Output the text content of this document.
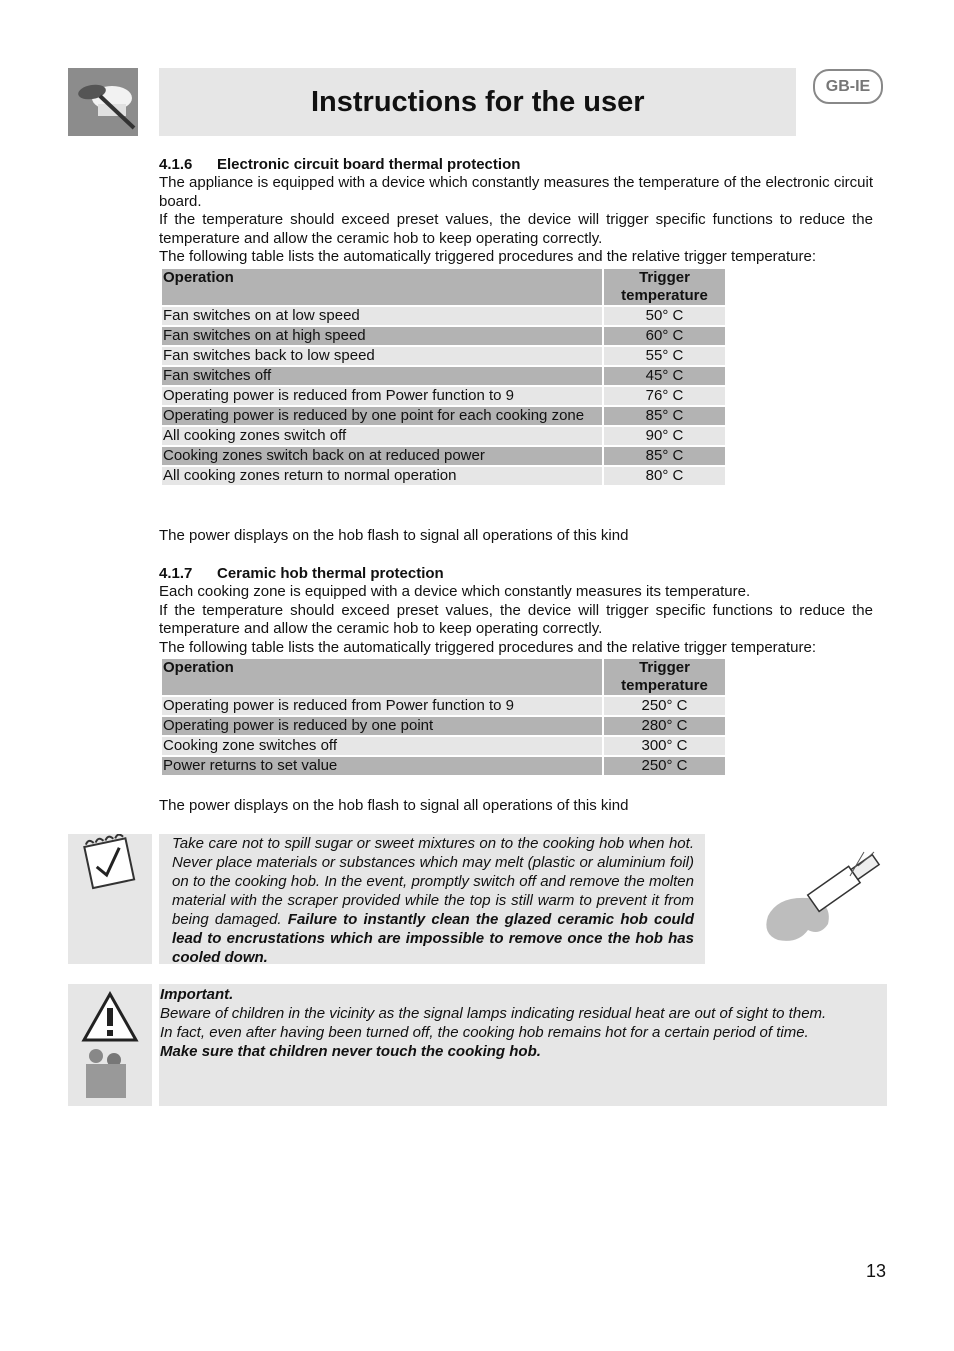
Instructions for the user	GB-IE
4.1.6 Electronic circuit board thermal protection

The appliance is equipped with a device which constantly measures the temperature of the electronic circuit board.

If the temperature should exceed preset values, the device will trigger specific functions to reduce the temperature and allow the ceramic hob to keep operating correctly.

The following table lists the automatically triggered procedures and the relative trigger temperature:

Operation	Trigger
temperature
Fan switches on at low speed	50° C
Fan switches on at high speed	60° C
Fan switches back to low speed	55° C
Fan switches off	45° C
Operating power is reduced from Power function to 9	76° C
Operating power is reduced by one point for each cooking zone	85° C
All cooking zones switch off	90° C
Cooking zones switch back on at reduced power	85° C
All cooking zones return to normal operation	80° C
The power displays on the hob flash to signal all operations of this kind
4.1.7 Ceramic hob thermal protection

Each cooking zone is equipped with a device which constantly measures its temperature.

If the temperature should exceed preset values, the device will trigger specific functions to reduce the temperature and allow the ceramic hob to keep operating correctly.

The following table lists the automatically triggered procedures and the relative trigger temperature:

Operation	Trigger
temperature
Operating power is reduced from Power function to 9	250° C
Operating power is reduced by one point	280° C
Cooking zone switches off	300° C
Power returns to set value	250° C
The power displays on the hob flash to signal all operations of this kind

Take care not to spill sugar or sweet mixtures on to the cooking hob when hot. Never place materials or substances which may melt (plastic or aluminium foil) on to the cooking hob. In the event, promptly switch off and remove the molten material with the scraper provided while the top is still warm to prevent it from being damaged. Failure to instantly clean the glazed ceramic hob could lead to encrustations which are impossible to remove once the hob has cooled down.

Important.
Beware of children in the vicinity as the signal lamps indicating residual heat are out of sight to them.
In fact, even after having been turned off, the cooking hob remains hot for a certain period of time.
Make sure that children never touch the cooking hob.

13
